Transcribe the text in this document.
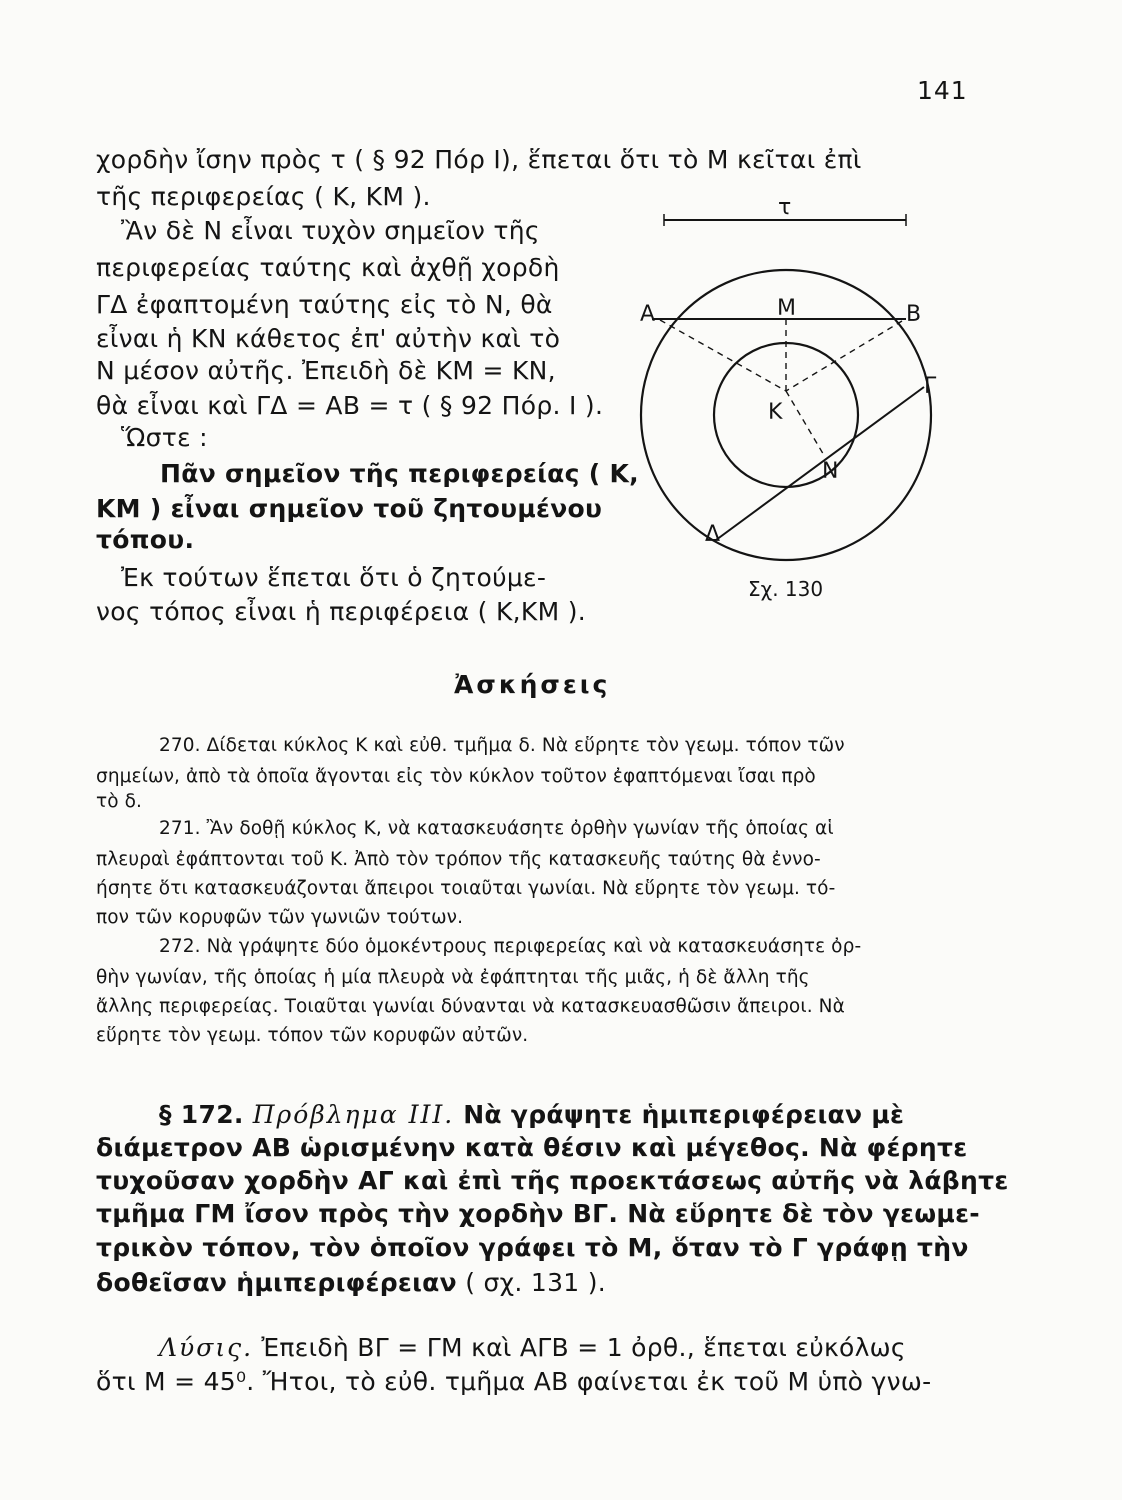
141
χορδὴν ἴσην πρὸς τ ( § 92 Πόρ Ι), ἕπεται ὅτι τὸ Μ κεῖται ἐπὶ
τῆς περιφερείας ( Κ, ΚΜ ).
Ἂν δὲ Ν εἶναι τυχὸν σημεῖον τῆς
περιφερείας ταύτης καὶ ἀχθῇ χορδὴ
ΓΔ ἐφαπτομένη ταύτης εἰς τὸ Ν, θὰ
εἶναι ἡ ΚΝ κάθετος ἐπ' αὐτὴν καὶ τὸ
Ν μέσον αὐτῆς. Ἐπειδὴ δὲ ΚΜ = ΚΝ,
θὰ εἶναι καὶ ΓΔ = ΑΒ = τ ( § 92 Πόρ. Ι ).
Ὥστε :
Πᾶν σημεῖον τῆς περιφερείας ( Κ,
ΚΜ ) εἶναι σημεῖον τοῦ ζητουμένου
τόπου.
Ἐκ τούτων ἕπεται ὅτι ὁ ζητούμε-
νος τόπος εἶναι ἡ περιφέρεια ( Κ,ΚΜ ).
τ
Α	Β
Μ
Κ
Γ
Ν
Δ
Σχ. 130
Ἀσκήσεις
270. Δίδεται κύκλος Κ καὶ εὐθ. τμῆμα δ. Νὰ εὕρητε τὸν γεωμ. τόπον τῶν
σημείων, ἀπὸ τὰ ὁποῖα ἄγονται εἰς τὸν κύκλον τοῦτον ἐφαπτόμεναι ἴσαι πρὸ
τὸ δ.
271. Ἂν δοθῇ κύκλος Κ, νὰ κατασκευάσητε ὀρθὴν γωνίαν τῆς ὁποίας αἱ
πλευραὶ ἐφάπτονται τοῦ Κ. Ἀπὸ τὸν τρόπον τῆς κατασκευῆς ταύτης θὰ ἐννο-
ήσητε ὅτι κατασκευάζονται ἄπειροι τοιαῦται γωνίαι. Νὰ εὕρητε τὸν γεωμ. τό-
πον τῶν κορυφῶν τῶν γωνιῶν τούτων.
272. Νὰ γράψητε δύο ὁμοκέντρους περιφερείας καὶ νὰ κατασκευάσητε ὀρ-
θὴν γωνίαν, τῆς ὁποίας ἡ μία πλευρὰ νὰ ἐφάπτηται τῆς μιᾶς, ἡ δὲ ἄλλη τῆς
ἄλλης περιφερείας. Τοιαῦται γωνίαι δύνανται νὰ κατασκευασθῶσιν ἄπειροι. Νὰ
εὕρητε τὸν γεωμ. τόπον τῶν κορυφῶν αὐτῶν.
§ 172. Πρόβλημα ΙΙΙ. Νὰ γράψητε ἡμιπεριφέρειαν μὲ
διάμετρον ΑΒ ὡρισμένην κατὰ θέσιν καὶ μέγεθος. Νὰ φέρητε
τυχοῦσαν χορδὴν ΑΓ καὶ ἐπὶ τῆς προεκτάσεως αὐτῆς νὰ λάβητε
τμῆμα ΓΜ ἴσον πρὸς τὴν χορδὴν ΒΓ. Νὰ εὕρητε δὲ τὸν γεωμε-
τρικὸν τόπον, τὸν ὁποῖον γράφει τὸ Μ, ὅταν τὸ Γ γράφῃ τὴν
δοθεῖσαν ἡμιπεριφέρειαν ( σχ. 131 ).
Λύσις. Ἐπειδὴ ΒΓ = ΓΜ καὶ ΑΓΒ = 1 ὀρθ., ἕπεται εὐκόλως
ὅτι Μ = 45⁰. Ἤτοι, τὸ εὐθ. τμῆμα ΑΒ φαίνεται ἐκ τοῦ Μ ὑπὸ γνω-
